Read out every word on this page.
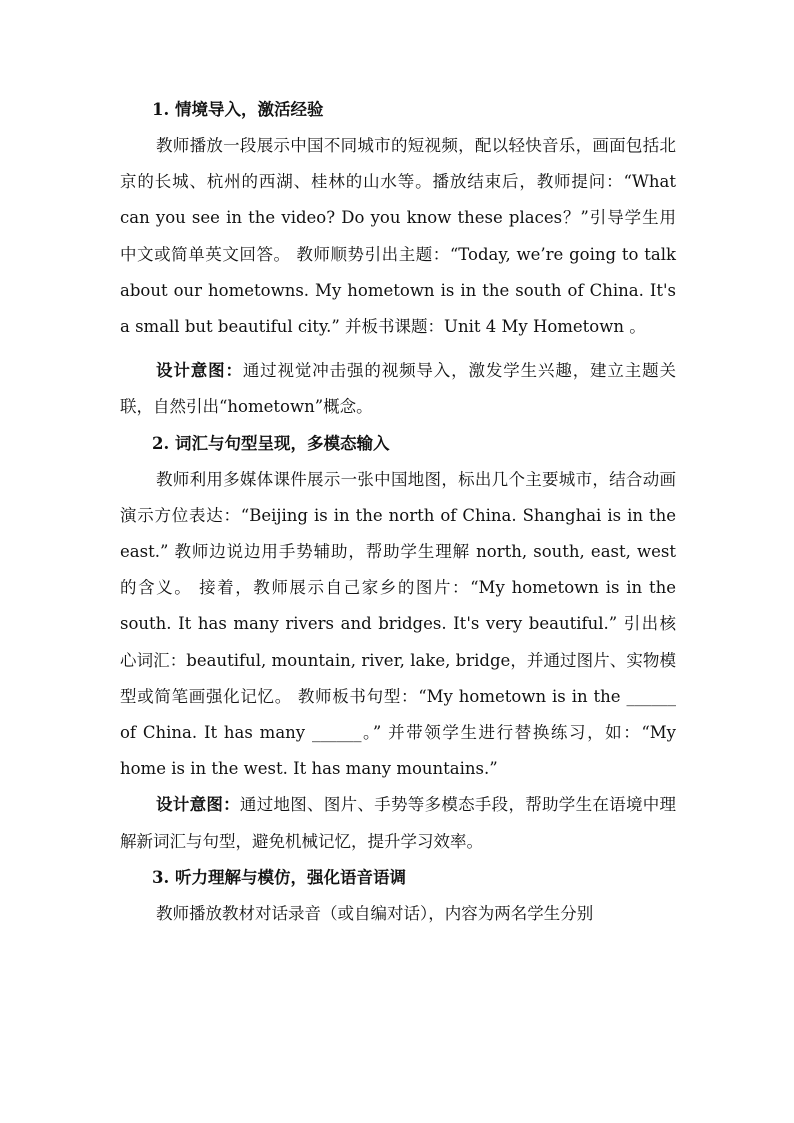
1. 情境导入，激活经验

教师播放一段展示中国不同城市的短视频，配以轻快音乐，画面包括北京的长城、杭州的西湖、桂林的山水等。播放结束后，教师提问：“What can you see in the video? Do you know these places？”引导学生用中文或简单英文回答。 教师顺势引出主题：“Today, we’re going to talk about our hometowns. My hometown is in the south of China. It's a small but beautiful city.” 并板书课题：Unit 4 My Hometown 。

设计意图：通过视觉冲击强的视频导入，激发学生兴趣，建立主题关联，自然引出“hometown”概念。

2. 词汇与句型呈现，多模态输入

教师利用多媒体课件展示一张中国地图，标出几个主要城市，结合动画演示方位表达：“Beijing is in the north of China. Shanghai is in the east.” 教师边说边用手势辅助，帮助学生理解 north, south, east, west 的含义。 接着，教师展示自己家乡的图片：“My hometown is in the south. It has many rivers and bridges. It's very beautiful.” 引出核心词汇：beautiful, mountain, river, lake, bridge，并通过图片、实物模型或简笔画强化记忆。 教师板书句型：“My hometown is in the ______ of China. It has many ______。” 并带领学生进行替换练习，如：“My home is in the west. It has many mountains.”

设计意图：通过地图、图片、手势等多模态手段，帮助学生在语境中理解新词汇与句型，避免机械记忆，提升学习效率。

3. 听力理解与模仿，强化语音语调

教师播放教材对话录音（或自编对话），内容为两名学生分别
